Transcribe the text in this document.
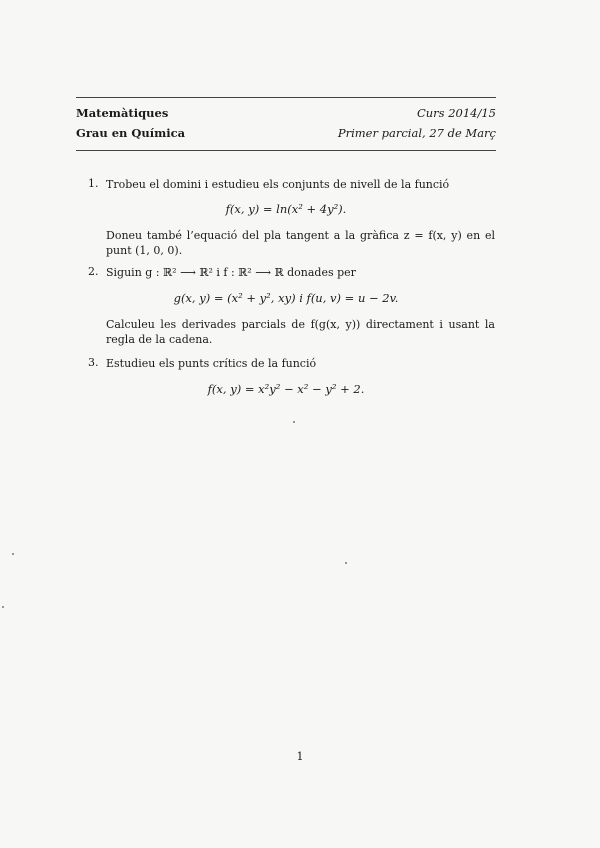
Matemàtiques	Curs 2014/15
Grau en Química	Primer parcial, 27 de Març
1. Trobeu el domini i estudieu els conjunts de nivell de la funció
f(x, y) = ln(x² + 4y²).
Doneu també l’equació del pla tangent a la gràfica z = f(x, y) en el punt (1, 0, 0).
2. Siguin g : ℝ² ⟶ ℝ² i f : ℝ² ⟶ ℝ donades per
g(x, y) = (x² + y², xy) i f(u, v) = u − 2v.
Calculeu les derivades parcials de f(g(x, y)) directament i usant la regla de la cadena.
3. Estudieu els punts crítics de la funció
f(x, y) = x²y² − x² − y² + 2.
1
